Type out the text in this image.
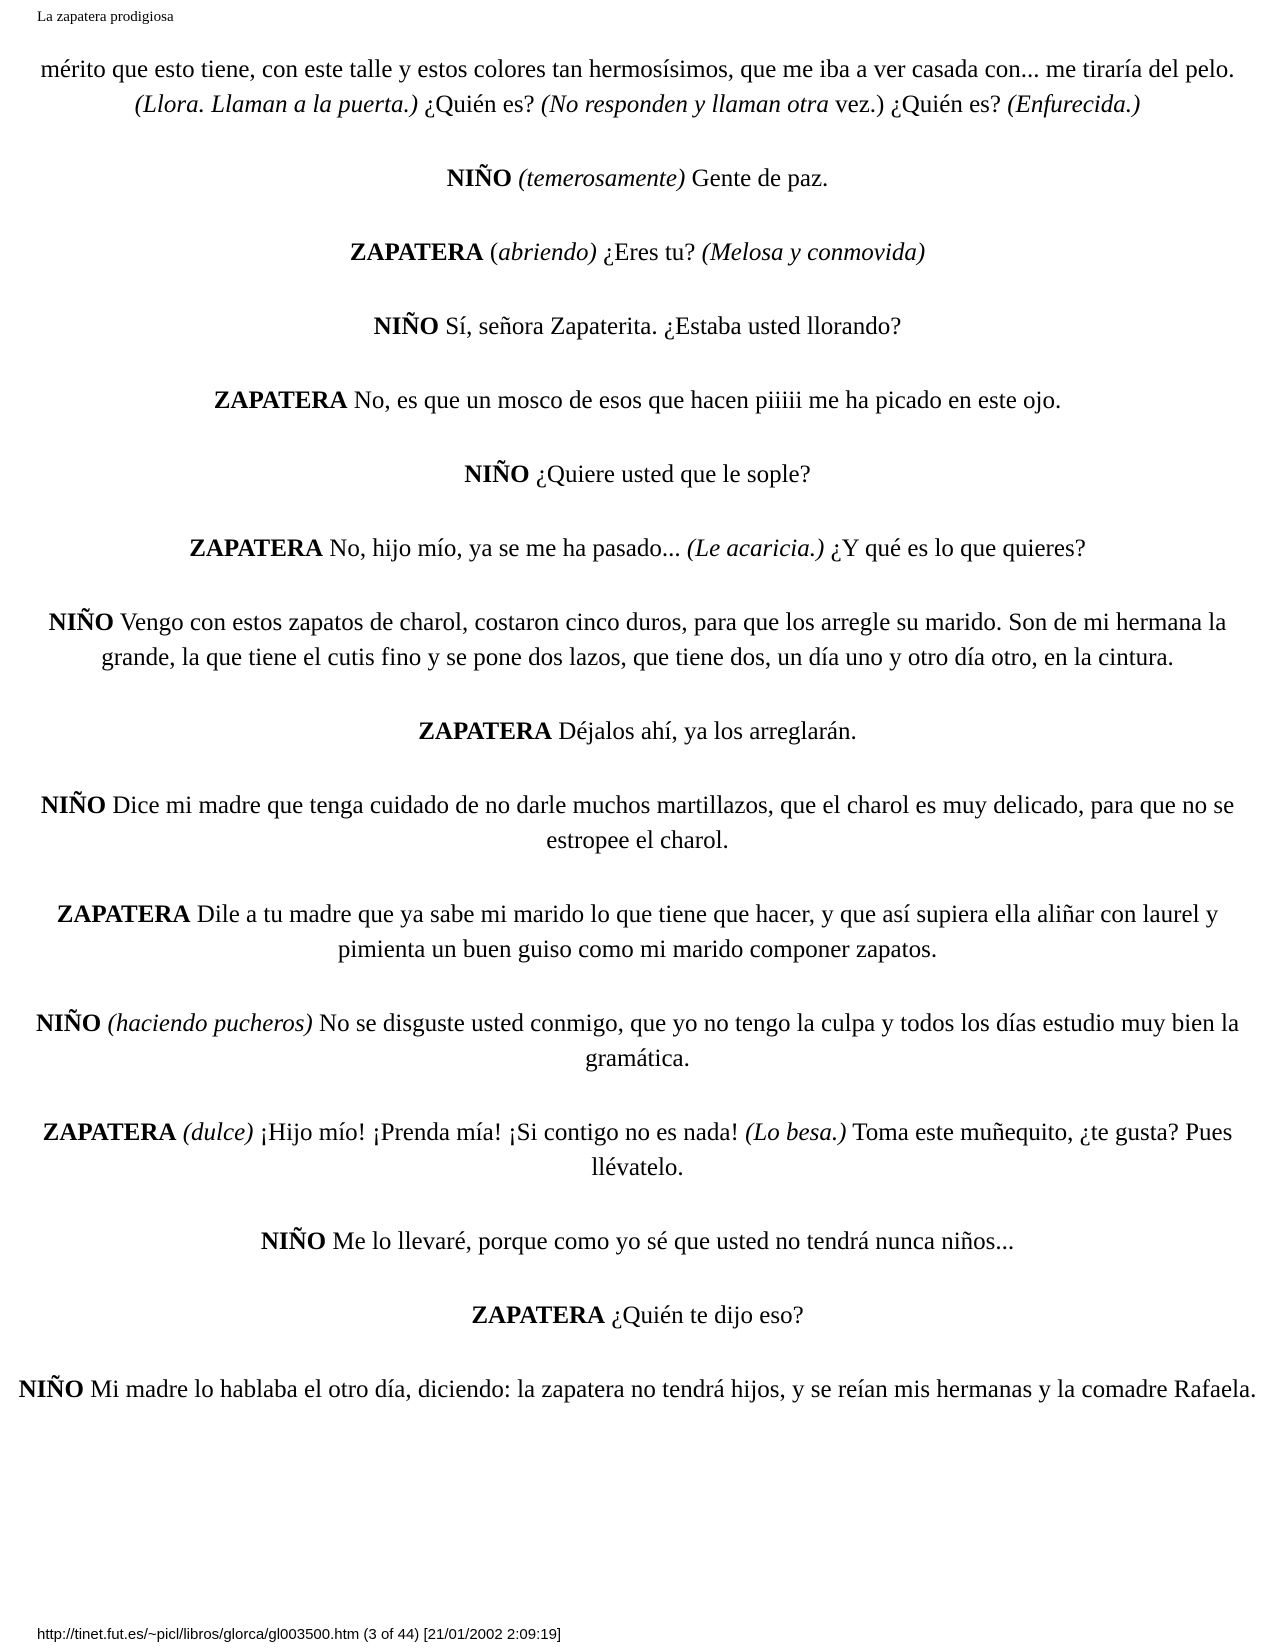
La zapatera prodigiosa

mérito que esto tiene, con este talle y estos colores tan hermosísimos, que me iba a ver casada con... me tiraría del pelo. (Llora. Llaman a la puerta.) ¿Quién es? (No responden y llaman otra vez.) ¿Quién es? (Enfurecida.)

NIÑO (temerosamente) Gente de paz.

ZAPATERA (abriendo) ¿Eres tu? (Melosa y conmovida)

NIÑO Sí, señora Zapaterita. ¿Estaba usted llorando?

ZAPATERA No, es que un mosco de esos que hacen piiiii me ha picado en este ojo.

NIÑO ¿Quiere usted que le sople?

ZAPATERA No, hijo mío, ya se me ha pasado... (Le acaricia.) ¿Y qué es lo que quieres?

NIÑO Vengo con estos zapatos de charol, costaron cinco duros, para que los arregle su marido. Son de mi hermana la grande, la que tiene el cutis fino y se pone dos lazos, que tiene dos, un día uno y otro día otro, en la cintura.

ZAPATERA Déjalos ahí, ya los arreglarán.

NIÑO Dice mi madre que tenga cuidado de no darle muchos martillazos, que el charol es muy delicado, para que no se estropee el charol.

ZAPATERA Dile a tu madre que ya sabe mi marido lo que tiene que hacer, y que así supiera ella aliñar con laurel y pimienta un buen guiso como mi marido componer zapatos.

NIÑO (haciendo pucheros) No se disguste usted conmigo, que yo no tengo la culpa y todos los días estudio muy bien la gramática.

ZAPATERA (dulce) ¡Hijo mío! ¡Prenda mía! ¡Si contigo no es nada! (Lo besa.) Toma este muñequito, ¿te gusta? Pues llévatelo.

NIÑO Me lo llevaré, porque como yo sé que usted no tendrá nunca niños...

ZAPATERA ¿Quién te dijo eso?

NIÑO Mi madre lo hablaba el otro día, diciendo: la zapatera no tendrá hijos, y se reían mis hermanas y la comadre Rafaela.

http://tinet.fut.es/~picl/libros/glorca/gl003500.htm (3 of 44) [21/01/2002 2:09:19]
